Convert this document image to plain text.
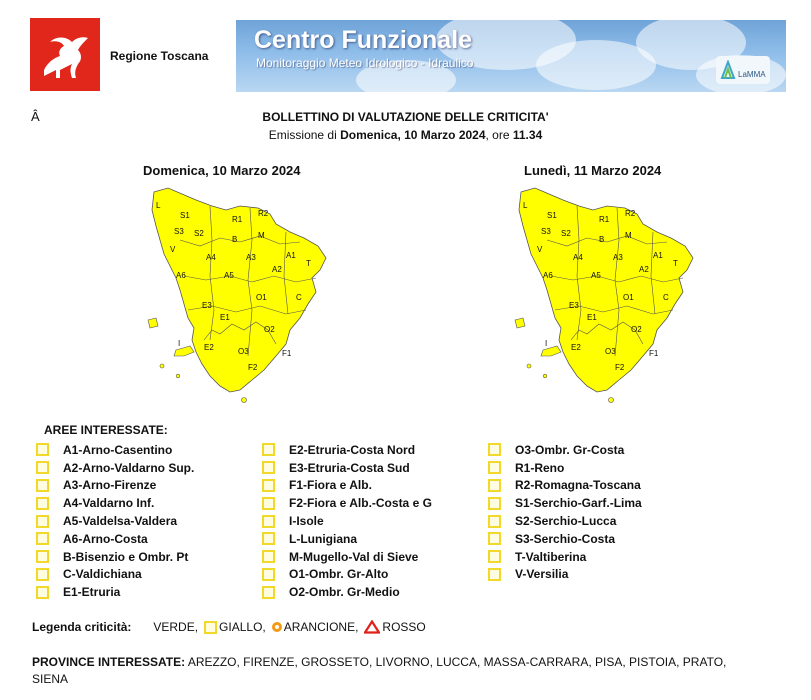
Regione Toscana
Centro Funzionale
Monitoraggio Meteo Idrologico - Idraulico
LaMMA
Â	BOLLETTINO DI VALUTAZIONE DELLE CRITICITA'
Emissione di Domenica, 10 Marzo 2024, ore 11.34
Domenica, 10 Marzo 2024
S1	R2
S2
R1
M
S3
B
L
A4	A3	A1
A2
T
A5
E3
A6
O1	C
E1
O2
E2	O3	F1
I
F2
V
Lunedì, 11 Marzo 2024
S1	R2
S2
R1
M
S3
B
L
A4	A3	A1
A2
T
A5
E3
A6
O1	C
E1
O2
E2	O3	F1
I
F2
V
AREE INTERESSATE:
A1-Arno-Casentino
A2-Arno-Valdarno Sup.
A3-Arno-Firenze
A4-Valdarno Inf.
A5-Valdelsa-Valdera
A6-Arno-Costa
B-Bisenzio e Ombr. Pt
C-Valdichiana
E1-Etruria
E2-Etruria-Costa Nord
E3-Etruria-Costa Sud
F1-Fiora e Alb.
F2-Fiora e Alb.-Costa e G
I-Isole
L-Lunigiana
M-Mugello-Val di Sieve
O1-Ombr. Gr-Alto
O2-Ombr. Gr-Medio
O3-Ombr. Gr-Costa
R1-Reno
R2-Romagna-Toscana
S1-Serchio-Garf.-Lima
S2-Serchio-Lucca
S3-Serchio-Costa
T-Valtiberina
V-Versilia
Legenda criticità: VERDE, GIALLO, ARANCIONE, ROSSO
PROVINCE INTERESSATE: AREZZO, FIRENZE, GROSSETO, LIVORNO, LUCCA, MASSA-CARRARA, PISA, PISTOIA, PRATO, SIENA
